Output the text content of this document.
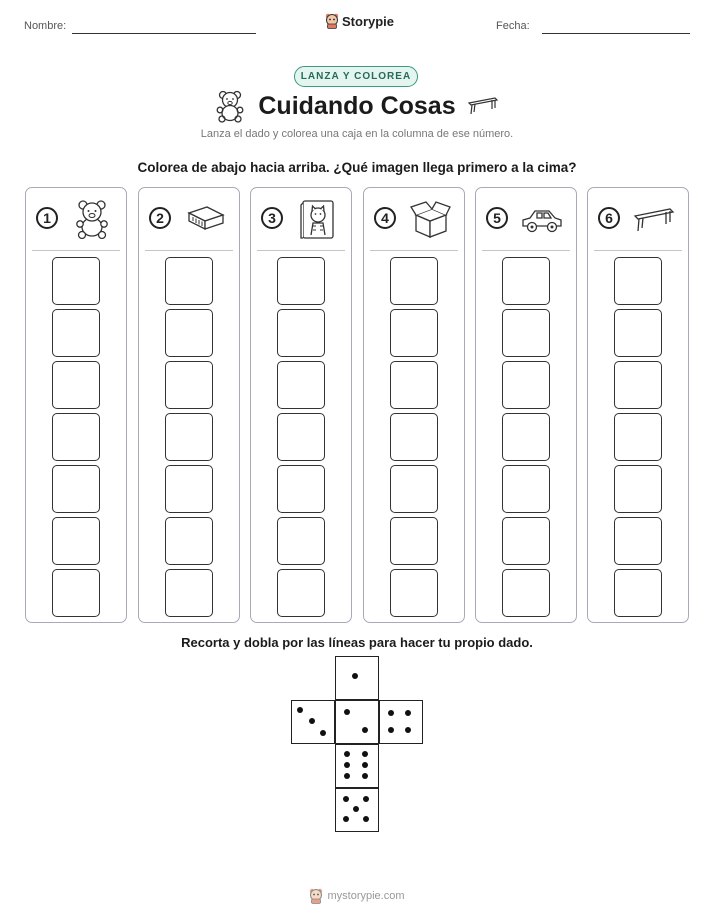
Nombre:	Storypie	Fecha:
LANZA Y COLOREA
Cuidando Cosas
Lanza el dado y colorea una caja en la columna de ese número.
Colorea de abajo hacia arriba. ¿Qué imagen llega primero a la cima?
1	2	3	4	5	6
Recorta y dobla por las líneas para hacer tu propio dado.
mystorypie.com
